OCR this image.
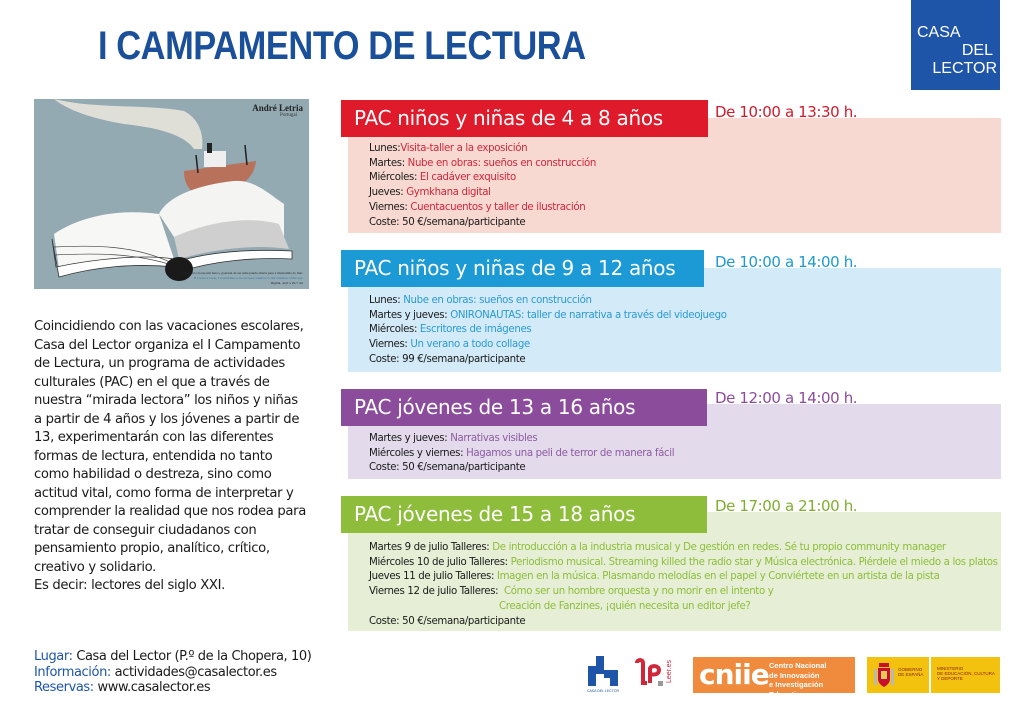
I CAMPAMENTO DE LECTURA	CASA
DEL
LECTOR
André Letria
Portugal
Se um livro fosse um barco, gostaria de ser uma janela aberta para a imensidão do mar.
If I were a book, I would like to be an open window to the vastness of the sea.
Digital, 42,0 x 29,7 cm

Coincidiendo con las vacaciones escolares,

Casa del Lector organiza el I Campamento

de Lectura, un programa de actividades

culturales (PAC) en el que a través de

nuestra “mirada lectora” los niños y niñas

a partir de 4 años y los jóvenes a partir de

13, experimentarán con las diferentes

formas de lectura, entendida no tanto

como habilidad o destreza, sino como

actitud vital, como forma de interpretar y

comprender la realidad que nos rodea para

tratar de conseguir ciudadanos con

pensamiento propio, analítico, crítico,

creativo y solidario.

Es decir: lectores del siglo XXI.

Lugar: Casa del Lector (P.º de la Chopera, 10)
Información: actividades@casalector.es
Reservas: www.casalector.es
PAC niños y niñas de 4 a 8 años	De 10:00 a 13:30 h.
Lunes:Visita-taller a la exposición
Martes: Nube en obras: sueños en construcción
Miércoles: El cadáver exquisito
Jueves: Gymkhana digital
Viernes: Cuentacuentos y taller de ilustración
Coste: 50 €/semana/participante
PAC niños y niñas de 9 a 12 años	De 10:00 a 14:00 h.
Lunes: Nube en obras: sueños en construcción
Martes y jueves: ONIRONAUTAS: taller de narrativa a través del videojuego
Miércoles: Escritores de imágenes
Viernes: Un verano a todo collage
Coste: 99 €/semana/participante
PAC jóvenes de 13 a 16 años	De 12:00 a 14:00 h.
Martes y jueves: Narrativas visibles
Miércoles y viernes: Hagamos una peli de terror de manera fácil
Coste: 50 €/semana/participante
PAC jóvenes de 15 a 18 años	De 17:00 a 21:00 h.
Martes 9 de julio Talleres: De introducción a la industria musical y De gestión en redes. Sé tu propio community manager
Miércoles 10 de julio Talleres: Periodismo musical. Streaming killed the radio star y Música electrónica. Piérdele el miedo a los platos
Jueves 11 de julio Talleres: Imagen en la música. Plasmando melodías en el papel y Conviértete en un artista de la pista
Viernes 12 de julio Talleres: Cómo ser un hombre orquesta y no morir en el intento y
Creación de Fanzines, ¡quién necesita un editor jefe?
Coste: 50 €/semana/participante
CASA DEL LECTOR
Leer.es cniie Centro Nacional
de Innovación
e Investigación Educativa
GOBIERNO
DE ESPAÑA
MINISTERIO
DE EDUCACIÓN, CULTURA
Y DEPORTE
